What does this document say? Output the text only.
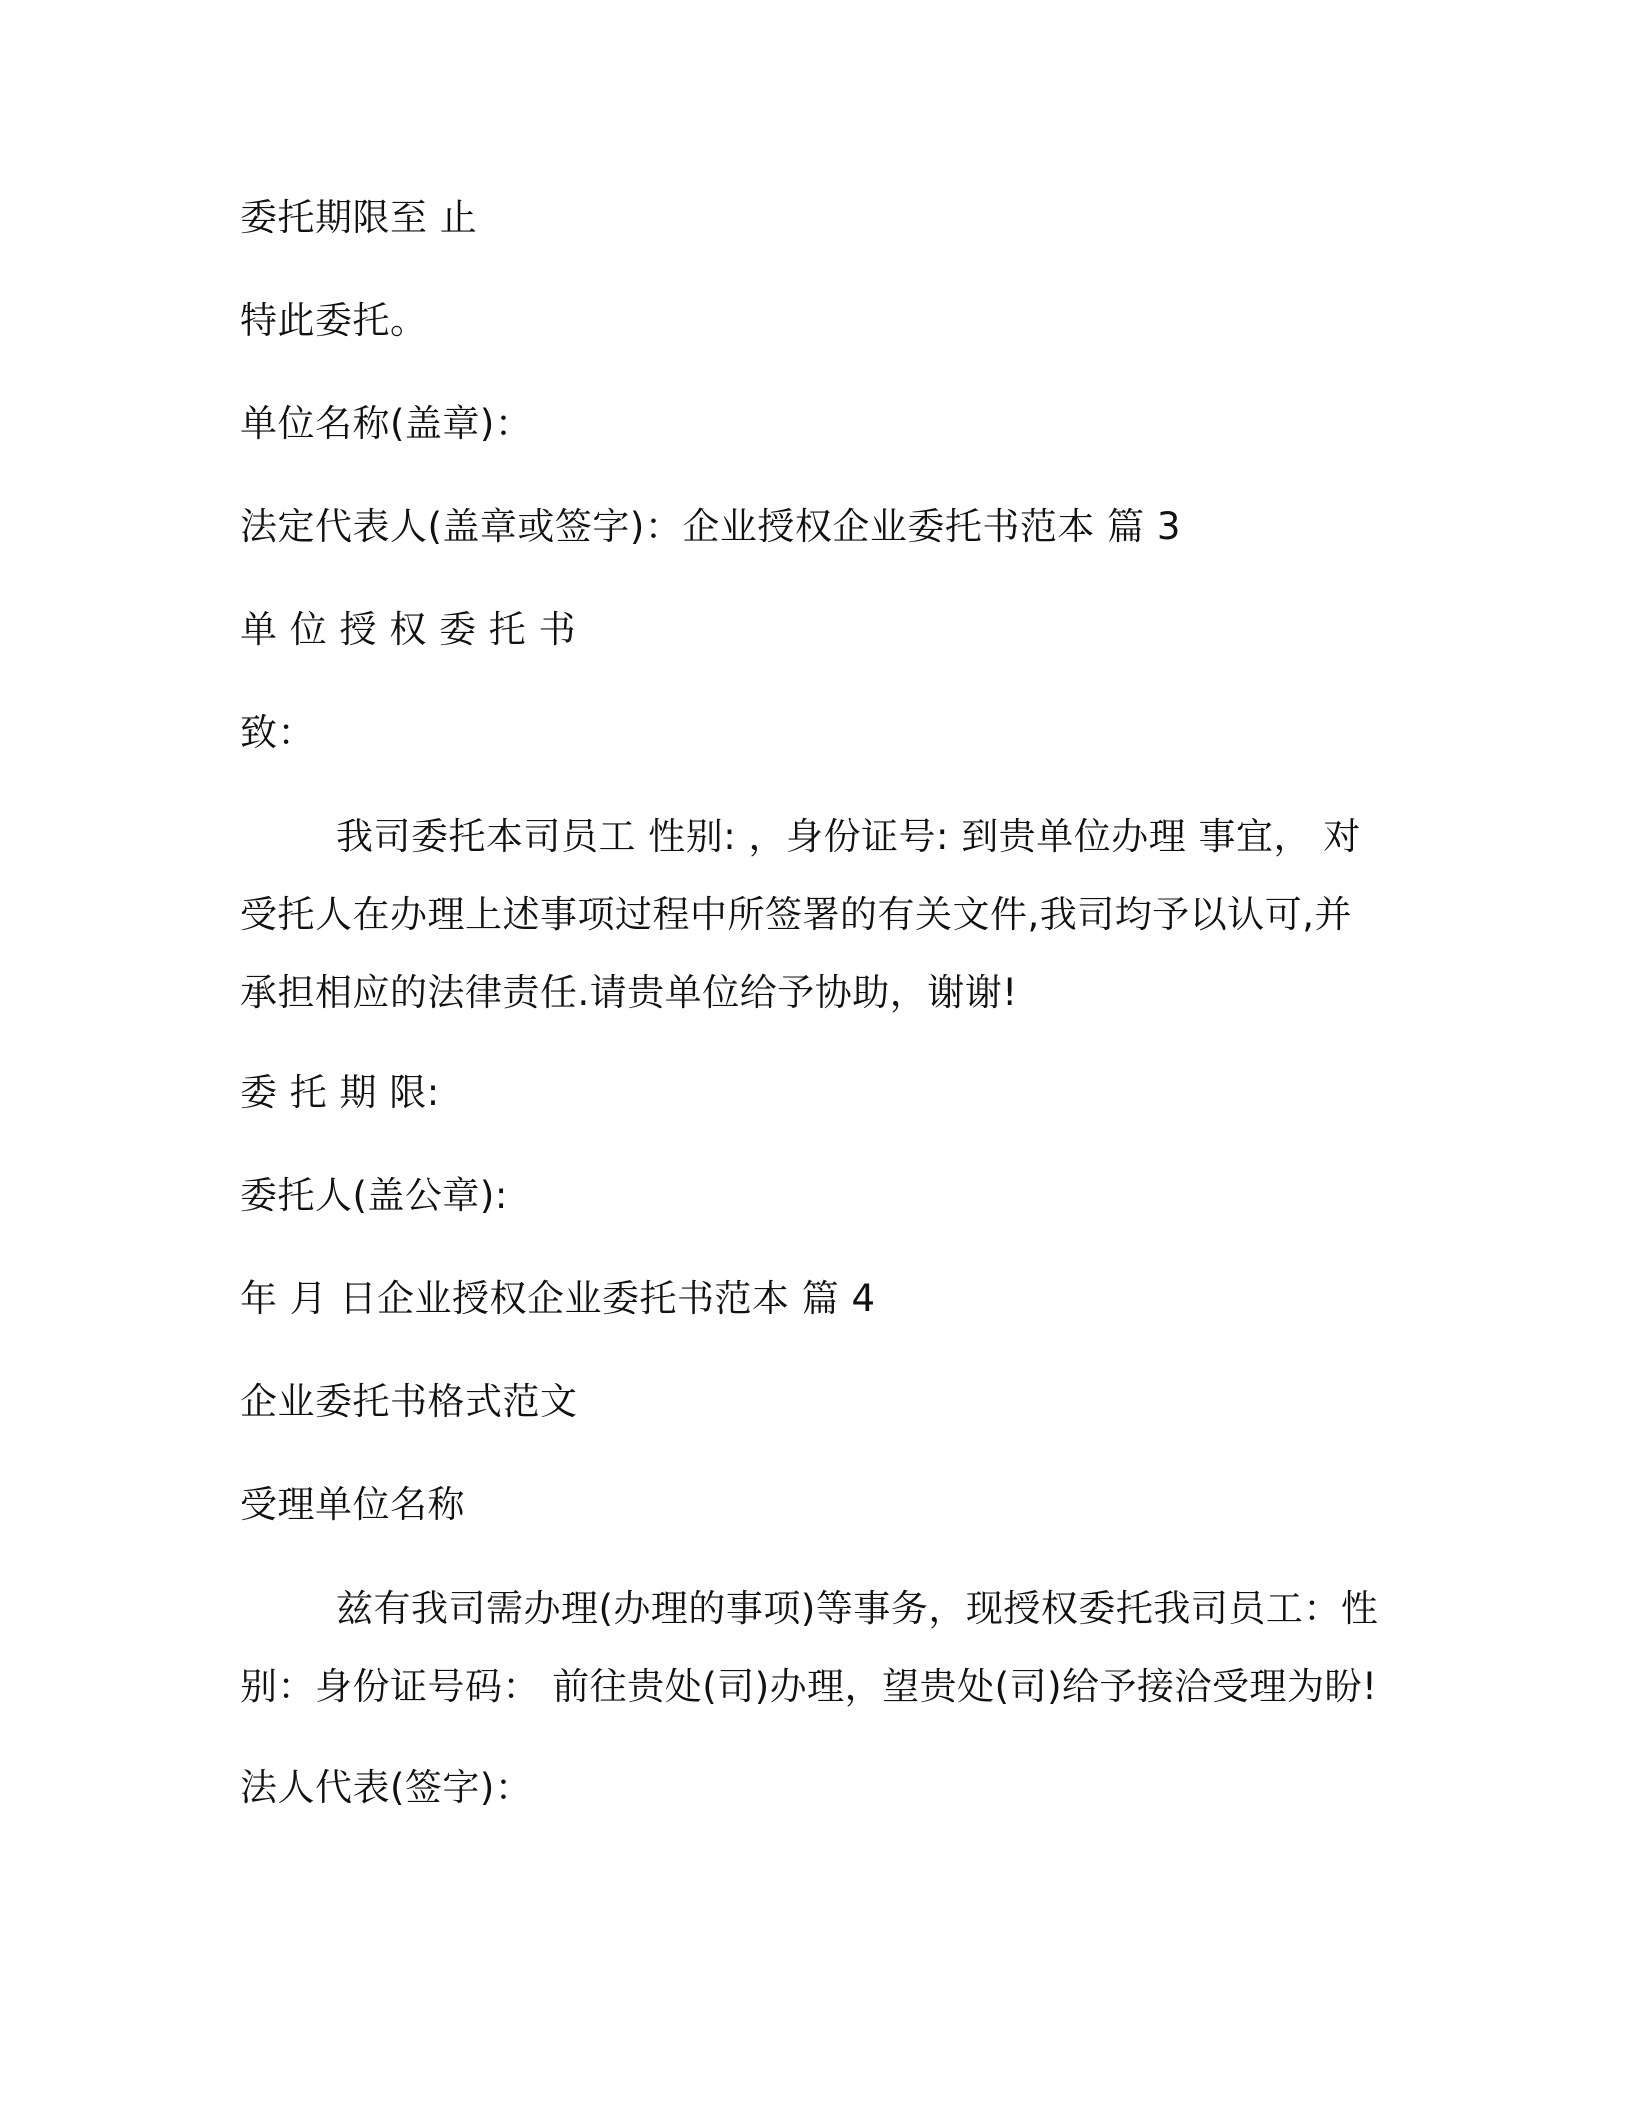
委托期限至 止
特此委托。
单位名称(盖章)：
法定代表人(盖章或签字)：企业授权企业委托书范本 篇 3
单 位 授 权 委 托 书
致：
我司委托本司员工 性别: ，身份证号: 到贵单位办理 事宜， 对受托人在办理上述事项过程中所签署的有关文件,我司均予以认可,并承担相应的法律责任.请贵单位给予协助，谢谢!
委 托 期 限:
委托人(盖公章):
年 月 日企业授权企业委托书范本 篇 4
企业委托书格式范文
受理单位名称
兹有我司需办理(办理的事项)等事务，现授权委托我司员工：性别：身份证号码： 前往贵处(司)办理，望贵处(司)给予接洽受理为盼!
法人代表(签字)：
